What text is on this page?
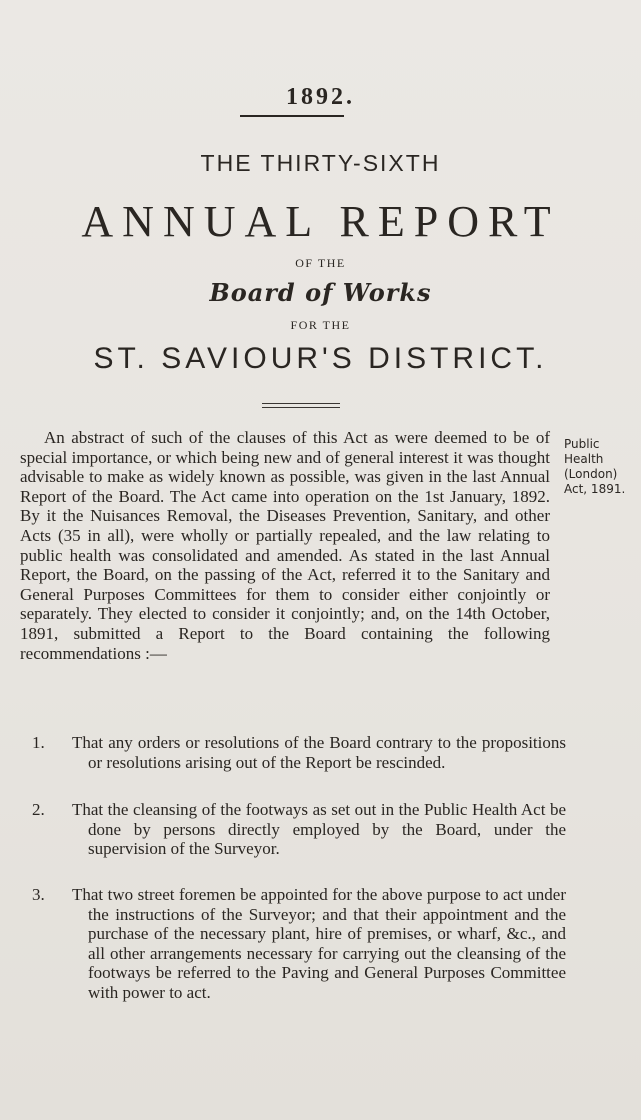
1892.
THE THIRTY-SIXTH
ANNUAL REPORT
OF THE
Board of Works
FOR THE
ST. SAVIOUR'S DISTRICT.

An abstract of such of the clauses of this Act as were deemed to be of special importance, or which being new and of general interest it was thought advisable to make as widely known as possible, was given in the last Annual Report of the Board. The Act came into operation on the 1st January, 1892. By it the Nuisances Removal, the Diseases Prevention, Sanitary, and other Acts (35 in all), were wholly or partially repealed, and the law relating to public health was consolidated and amended. As stated in the last Annual Report, the Board, on the passing of the Act, referred it to the Sanitary and General Purposes Committees for them to consider either conjointly or separately. They elected to consider it conjointly; and, on the 14th October, 1891, submitted a Report to the Board containing the following recommendations :—

Public Health (London) Act, 1891.

1. That any orders or resolutions of the Board contrary to the propositions or resolutions arising out of the Report be rescinded.
2. That the cleansing of the footways as set out in the Public Health Act be done by persons directly employed by the Board, under the supervision of the Surveyor.
3. That two street foremen be appointed for the above purpose to act under the instructions of the Surveyor; and that their appointment and the purchase of the necessary plant, hire of premises, or wharf, &c., and all other arrangements necessary for carrying out the cleansing of the footways be referred to the Paving and General Purposes Committee with power to act.
